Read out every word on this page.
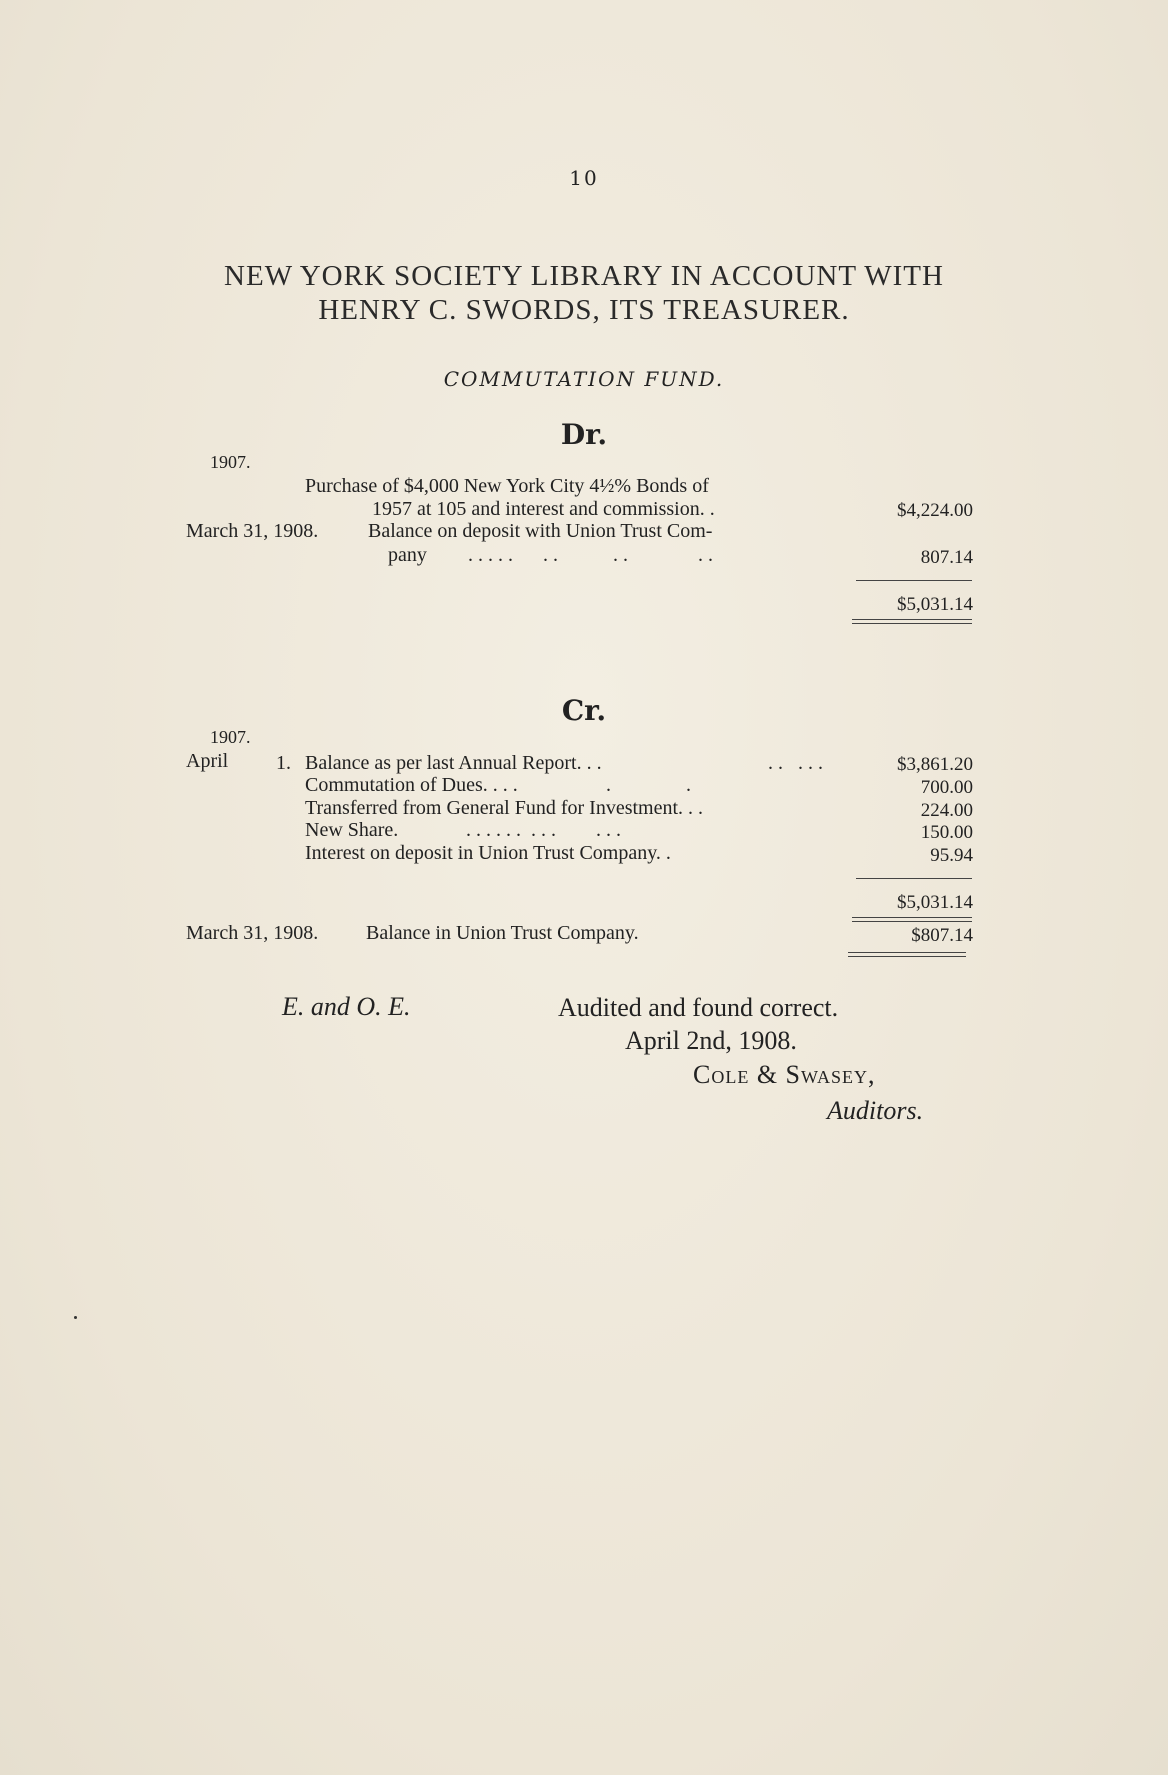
10
NEW YORK SOCIETY LIBRARY IN ACCOUNT WITH
HENRY C. SWORDS, ITS TREASURER.
COMMUTATION FUND.
Dr.
1907.
Purchase of $4,000 New York City 4½% Bonds of
1957 at 105 and interest and commission. .	$4,224.00
March 31, 1908. Balance on deposit with Union Trust Com-
pany . . . . .      . .           . .              . .	807.14
$5,031.14
Cr.
1907.
April 1. Balance as per last Annual Report. . .	. .   . . .	$3,861.20
Commutation of Dues. . . .	.               .	700.00
Transferred from General Fund for Investment. . .	224.00
New Share.	. . . . . .  . . .        . . .	150.00
Interest on deposit in Union Trust Company. .	95.94
$5,031.14
March 31, 1908. Balance in Union Trust Company.	$807.14
E. and O. E.	Audited and found correct.
April 2nd, 1908.
Cole & Swasey,
Auditors.
